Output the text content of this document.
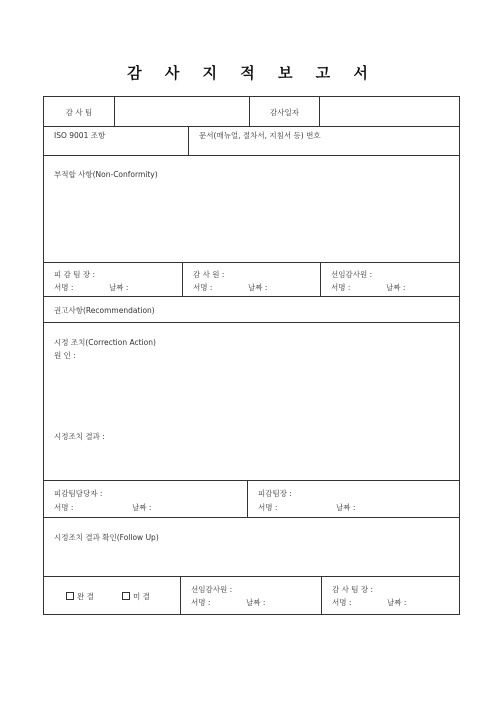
감 사 지 적 보 고 서
감 사 팀	감사일자
ISO 9001 조항	문서(매뉴얼, 절차서, 지침서 등) 번호
부적합 사항(Non-Conformity)
피 감 팀 장 :
서명 :	날짜 :
감 사 원 :
서명 :	날짜 :
선임감사원 :
서명 :	날짜 :
권고사항(Recommendation)
시정 조치(Correction Action)
원 인 :
시정조치 결과 :
피감팀담당자 :
서명 :	날짜 :
피감팀장 :
서명 :	날짜 :
시정조치 결과 확인(Follow Up)
완 결	미 결
선임감사원 :
서명 :	날짜 :
감 사 팀 장 :
서명 :	날짜 :
